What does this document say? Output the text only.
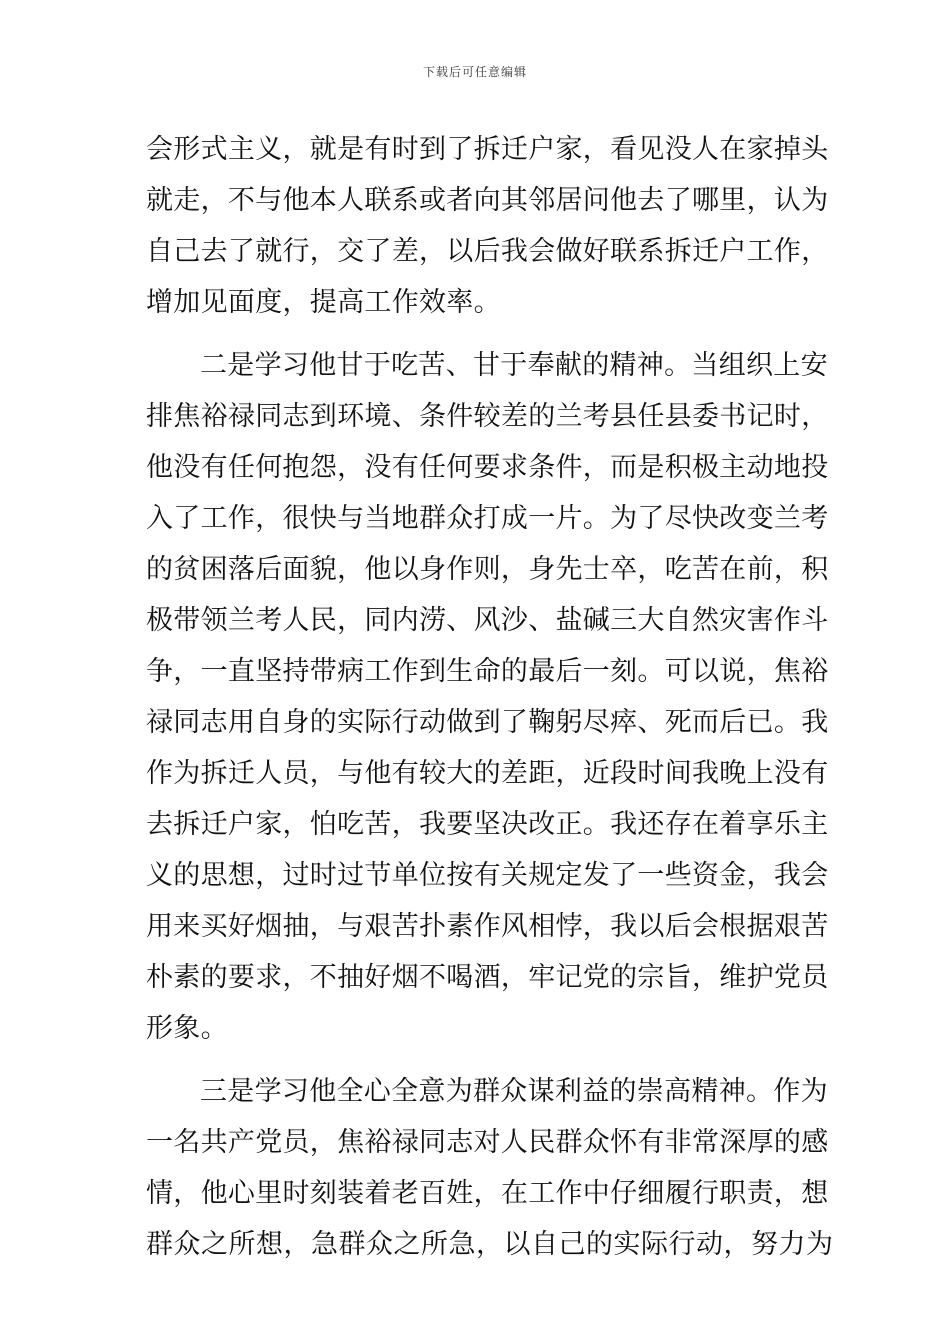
下载后可任意编辑
会形式主义，就是有时到了拆迁户家，看见没人在家掉头
就走，不与他本人联系或者向其邻居问他去了哪里，认为
自己去了就行，交了差，以后我会做好联系拆迁户工作，
增加见面度，提高工作效率。
二是学习他甘于吃苦、甘于奉献的精神。当组织上安
排焦裕禄同志到环境、条件较差的兰考县任县委书记时，
他没有任何抱怨，没有任何要求条件，而是积极主动地投
入了工作，很快与当地群众打成一片。为了尽快改变兰考
的贫困落后面貌，他以身作则，身先士卒，吃苦在前，积
极带领兰考人民，同内涝、风沙、盐碱三大自然灾害作斗
争，一直坚持带病工作到生命的最后一刻。可以说，焦裕
禄同志用自身的实际行动做到了鞠躬尽瘁、死而后已。我
作为拆迁人员，与他有较大的差距，近段时间我晚上没有
去拆迁户家，怕吃苦，我要坚决改正。我还存在着享乐主
义的思想，过时过节单位按有关规定发了一些资金，我会
用来买好烟抽，与艰苦扑素作风相悖，我以后会根据艰苦
朴素的要求，不抽好烟不喝酒，牢记党的宗旨，维护党员
形象。
三是学习他全心全意为群众谋利益的崇高精神。作为
一名共产党员，焦裕禄同志对人民群众怀有非常深厚的感
情，他心里时刻装着老百姓，在工作中仔细履行职责，想
群众之所想，急群众之所急，以自己的实际行动，努力为
